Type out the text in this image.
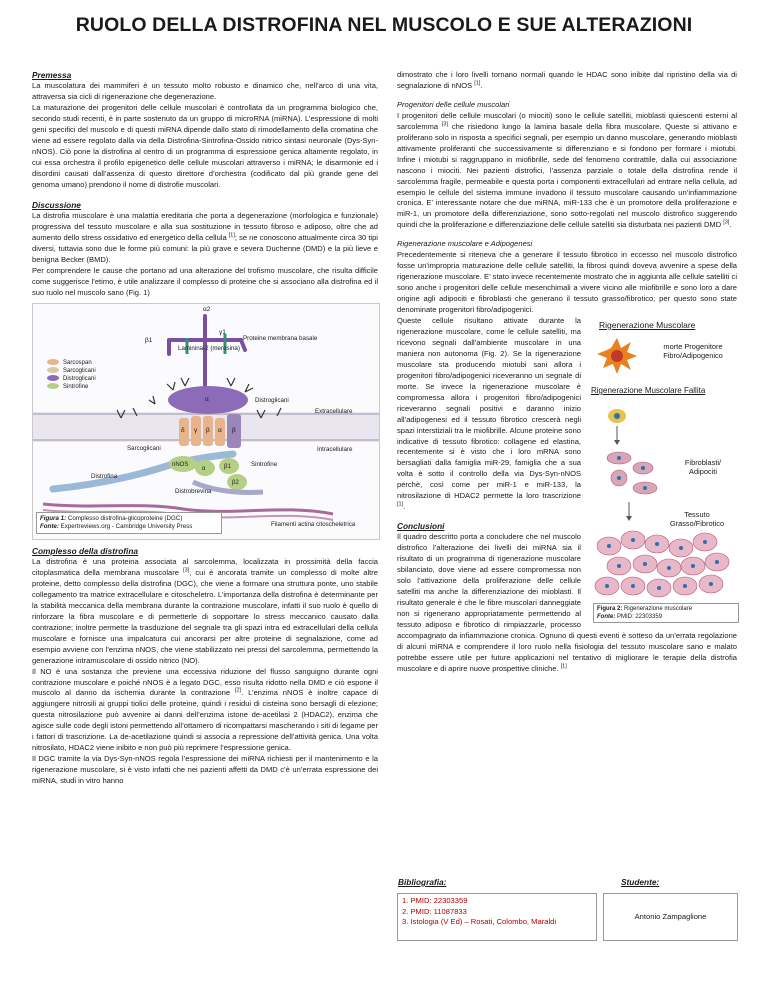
RUOLO DELLA DISTROFINA NEL MUSCOLO E SUE ALTERAZIONI

Premessa

La muscolatura dei mammiferi è un tessuto molto robusto e dinamico che, nell’arco di una vita, attraversa sia cicli di rigenerazione che degenerazione.

La maturazione dei progenitori delle cellule muscolari è controllata da un programma biologico che, secondo studi recenti, è in parte sostenuto da un gruppo di microRNA (miRNA). L’espressione di molti geni specifici del muscolo e di questi miRNA dipende dallo stato di rimodellamento della cromatina che viene ad essere regolato dalla via della Distrofina-Sintrofina-Ossido nitrico sintasi neuronale (Dys-Syn-nNOS). Ciò pone la distrofina al centro di un programma di espressione genica altamente regolato, in cui essa orchestra il profilo epigenetico delle cellule muscolari attraverso i miRNA; le disarmonie ed i disordini causati dall’assenza di questo direttore d’orchestra (codificato dal più grande gene del genoma umano) prendono il nome di distrofie muscolari.

Discussione

La distrofia muscolare è una malattia ereditaria che porta a degenerazione (morfologica e funzionale) progressiva del tessuto muscolare e alla sua sostituzione in tessuto fibroso e adiposo, oltre che ad aumento dello stress ossidativo ed energetico della cellula [1]; se ne conoscono attualmente circa 30 tipi diversi, tuttavia sono due le forme più comuni: la più grave e severa Duchenne (DMD) e la più lieve e benigna Becker (BMD).

Per comprendere le cause che portano ad una alterazione del trofismo muscolare, che risulta difficile come suggerisce l’etimo, è utile analizzare il complesso di proteine che si associano alla distrofina ed il suo ruolo nel muscolo sano (Fig. 1)

α2
β1
γ1
Proteine membrana basale
Laminina-2 (merosina)
Sarcospan
Sarcoglicani
Distroglicani
Sintrofine
α	Distroglicani
Extracellulare
δ γ β α β
Sarcoglicani	Intracellulare
Distrofina
nNOS
α	β1
β2
Sintrofine
Distrobrevina
Filamenti actina citoscheletrica
Figura 1: Complesso distrofina-glicoproteine (DGC)
Fonte: Expertreviews.org - Cambridge University Press

Complesso della distrofina

La distrofina è una proteina associata al sarcolemma, localizzata in prossimità della faccia citoplasmatica della membrana muscolare [3], cui è ancorata tramite un complesso di molte altre proteine, detto complesso della distrofina (DGC), che viene a formare una struttura ponte, uno stabile collegamento tra matrice extracellulare e citoscheletro. L’importanza della distrofina è determinante per la stabilità meccanica della membrana durante la contrazione muscolare, infatti il suo ruolo è quello di rinforzare la fibra muscolare e di permetterle di sopportare lo stress meccanico causato dalla contrazione; inoltre permette la trasduzione del segnale tra gli spazi intra ed extracellulari della cellula muscolare e fornisce una impalcatura cui ancorarsi per altre proteine di segnalazione, come ad esempio avviene con l’enzima nNOS, che viene stabilizzato nei pressi del sarcolemma, permettendo la generazione intramuscolare di ossido nitrico (NO).

Il NO è una sostanza che previene una eccessiva riduzione del flusso sanguigno durante ogni contrazione muscolare e poiché nNOS è a legato DGC, esso risulta ridotto nella DMD e ciò espone il muscolo al danno da ischemia durante la contrazione [2]. L’enzima nNOS è inoltre capace di aggiungere nitrosili ai gruppi tiolici delle proteine, quindi i residui di cisteina sono bersagli di elezione; questa nitrosilazione può avvenire ai danni dell’enzima istone de-acetilasi 2 (HDAC2), enzima che agisce sulle code degli istoni permettendo all’ottamero di ricompattarsi mascherando i siti di legame per i fattori di trascrizione. La de-acetilazione quindi si associa a repressione dell’attività genica. Una volta nitrosilato, HDAC2 viene inibito e non può più reprimere l’espressione genica.

Il DGC tramite la via Dys-Syn-nNOS regola l’espressione dei miRNA richiesti per il mantenimento e la rigenerazione muscolare, si è visto infatti che nei pazienti affetti da DMD c’è un’errata espressione dei miRNA, studi in vitro hanno

dimostrato che i loro livelli tornano normali quando le HDAC sono inibite dal ripristino della via di segnalazione di nNOS [1].

Progenitori delle cellule muscolari

I progenitori delle cellule muscolari (o miociti) sono le cellule satelliti, mioblasti quiescenti esterni al sarcolemma [3] che risiedono lungo la lamina basale della fibra muscolare. Queste si attivano e proliferano solo in risposta a specifici segnali, per esempio un danno muscolare, generando mioblasti attivamente proliferanti che successivamente si differenziano e si fondono per formare i miotubi. Infine i miotubi si raggruppano in miofibrille, sede del fenomeno contrattile, dalla cui associazione nascono i miociti. Nei pazienti distrofici, l’assenza parziale o totale della distrofina rende il sarcolemma fragile, permeabile e questa porta i componenti extracellulari ad entrare nella cellula, ad esempio le cellule del sistema immune invadono il tessuto muscolare causando un’infiammazione cronica. E’ interessante notare che due miRNA, miR-133 che è un promotore della proliferazione e miR-1, un promotore della differenziazione, sono sotto-regolati nel muscolo distrofico suggerendo quindi che la proliferazione e differenziazione delle cellule satelliti sia disturbata nei pazienti DMD [3].

Rigenerazione muscolare e Adipogenesi

Precedentemente si riteneva che a generare il tessuto fibrotico in eccesso nel muscolo distrofico fosse un’impropria maturazione delle cellule satelliti, la fibrosi quindi doveva avvenire a spese della rigenerazione muscolare. E’ stato invece recentemente mostrato che in aggiunta alle cellule satelliti ci sono anche i progenitori delle cellule mesenchimali a vivere vicino alle miofibrille e sono loro a dare origine agli adipociti e fibroblasti che generano il tessuto grasso/fibrotico; per questo sono state denominate progenitori fibro/adipogenici.

Rigenerazione Muscolare
morte Progenitore Fibro/Adipogenico
Rigenerazione Muscolare Fallita
Fibroblasti/ Adipociti
Tessuto Grasso/Fibrotico
Figura 2: Rigenerazione muscolare
Fonte: PMID: 22303359

Queste cellule risultano attivate durante la rigenerazione muscolare, come le cellule satelliti, ma ricevono segnali dall’ambiente muscolare in una maniera non autonoma (Fig. 2). Se la rigenerazione muscolare sta producendo miotubi sani allora i progenitori fibro/adipogenici riceveranno un segnale di morte. Se invece la rigenerazione muscolare è compromessa allora i progenitori fibro/adipogenici riceveranno segnali positivi e daranno inizio all’adipogenesi ed il tessuto fibrotico crescerà negli spazi interstiziali tra le miofibrille. Alcune proteine sono indicative di tessuto fibrotico: collagene ed elastina, recentemente si è visto che i loro mRNA sono bersagliati dalla famiglia miR-29, famiglia che a sua volta è sotto il controllo della via Dys-Syn-nNOS perchè, così come per miR-1 e miR-133, la nitrosilazione di HDAC2 permette la loro trascrizione [1].

Conclusioni

Il quadro descritto porta a concludere che nel muscolo distrofico l’alterazione dei livelli dei miRNA sia il risultato di un programma di rigenerazione muscolare sbilanciato, dove viene ad essere compromessa non solo l’attivazione della proliferazione delle cellule satelliti ma anche la differenziazione dei mioblasti. Il risultato generale è che le fibre muscolari danneggiate non si rigenerano appropriatamente permettendo al tessuto adiposo e fibrotico di rimpiazzarle, processo accompagnato da infiammazione cronica. Ognuno di questi eventi è sotteso da un’errata regolazione di alcuni miRNA e comprendere il loro ruolo nella fisiologia del tessuto muscolare sano e malato potrebbe essere utile per future applicazioni nel tentativo di migliorare le terapie della distrofia muscolare e di aprire nuove prospettive cliniche. [1]

Bibliografia:
1. PMID: 22303359
2. PMID: 11087833
3. Istologia (V Ed) – Rosati, Colombo, Maraldi
Studente:
Antonio Zampaglione
